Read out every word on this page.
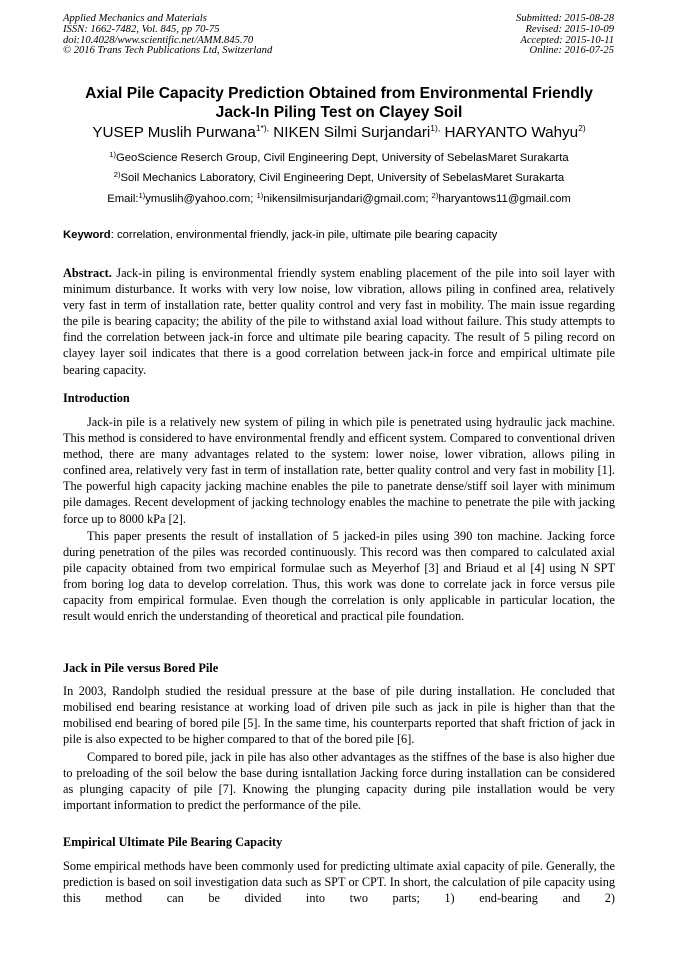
Applied Mechanics and Materials
ISSN: 1662-7482, Vol. 845, pp 70-75
doi:10.4028/www.scientific.net/AMM.845.70
© 2016 Trans Tech Publications Ltd, Switzerland
Submitted: 2015-08-28
Revised: 2015-10-09
Accepted: 2015-10-11
Online: 2016-07-25
Axial Pile Capacity Prediction Obtained from Environmental Friendly
Jack-In Piling Test on Clayey Soil
YUSEP Muslih Purwana$^{1*),}$ NIKEN Silmi Surjandari$^{1),}$ HARYANTO Wahyu$^{2)}$
$^{1)}$GeoScience Reserch Group, Civil Engineering Dept, University of SebelasMaret Surakarta
$^{2)}$Soil Mechanics Laboratory, Civil Engineering Dept, University of SebelasMaret Surakarta
Email:$^{1)}$ymuslih@yahoo.com; $^{1)}$nikensilmisurjandari@gmail.com; $^{2)}$haryantows11@gmail.com
Keyword: correlation, environmental friendly, jack-in pile, ultimate pile bearing capacity

Abstract. Jack-in piling is environmental friendly system enabling placement of the pile into soil layer with minimum disturbance. It works with very low noise, low vibration, allows piling in confined area, relatively very fast in term of installation rate, better quality control and very fast in mobility. The main issue regarding the pile is bearing capacity; the ability of the pile to withstand axial load without failure. This study attempts to find the correlation between jack-in force and ultimate pile bearing capacity. The result of 5 piling record on clayey layer soil indicates that there is a good correlation between jack-in force and empirical ultimate pile bearing capacity.

Introduction

Jack-in pile is a relatively new system of piling in which pile is penetrated using hydraulic jack machine. This method is considered to have environmental frendly and efficent system. Compared to conventional driven method, there are many advantages related to the system: lower noise, lower vibration, allows piling in confined area, relatively very fast in term of installation rate, better quality control and very fast in mobility [1]. The powerful high capacity jacking machine enables the pile to panetrate dense/stiff soil layer with minimum pile damages. Recent development of jacking technology enables the machine to penetrate the pile with jacking force up to 8000 kPa [2].

This paper presents the result of installation of 5 jacked-in piles using 390 ton machine. Jacking force during penetration of the piles was recorded continuously. This record was then compared to calculated axial pile capacity obtained from two empirical formulae such as Meyerhof [3] and Briaud et al [4] using N SPT from boring log data to develop correlation. Thus, this work was done to correlate jack in force versus pile capacity from empirical formulae. Even though the correlation is only applicable in particular location, the result would enrich the understanding of theoretical and practical pile foundation.

Jack in Pile versus Bored Pile

In 2003, Randolph studied the residual pressure at the base of pile during installation. He concluded that mobilised end bearing resistance at working load of driven pile such as jack in pile is higher than that the mobilised end bearing of bored pile [5]. In the same time, his counterparts reported that shaft friction of jack in pile is also expected to be higher compared to that of the bored pile [6].

Compared to bored pile, jack in pile has also other advantages as the stiffnes of the base is also higher due to preloading of the soil below the base during isntallation Jacking force during installation can be considered as plunging capacity of pile [7]. Knowing the plunging capacity during pile installation would be very important information to predict the performance of the pile.

Empirical Ultimate Pile Bearing Capacity

Some empirical methods have been commonly used for predicting ultimate axial capacity of pile. Generally, the prediction is based on soil investigation data such as SPT or CPT. In short, the calculation of pile capacity using this method can be divided into two parts; 1) end-bearing and 2)
